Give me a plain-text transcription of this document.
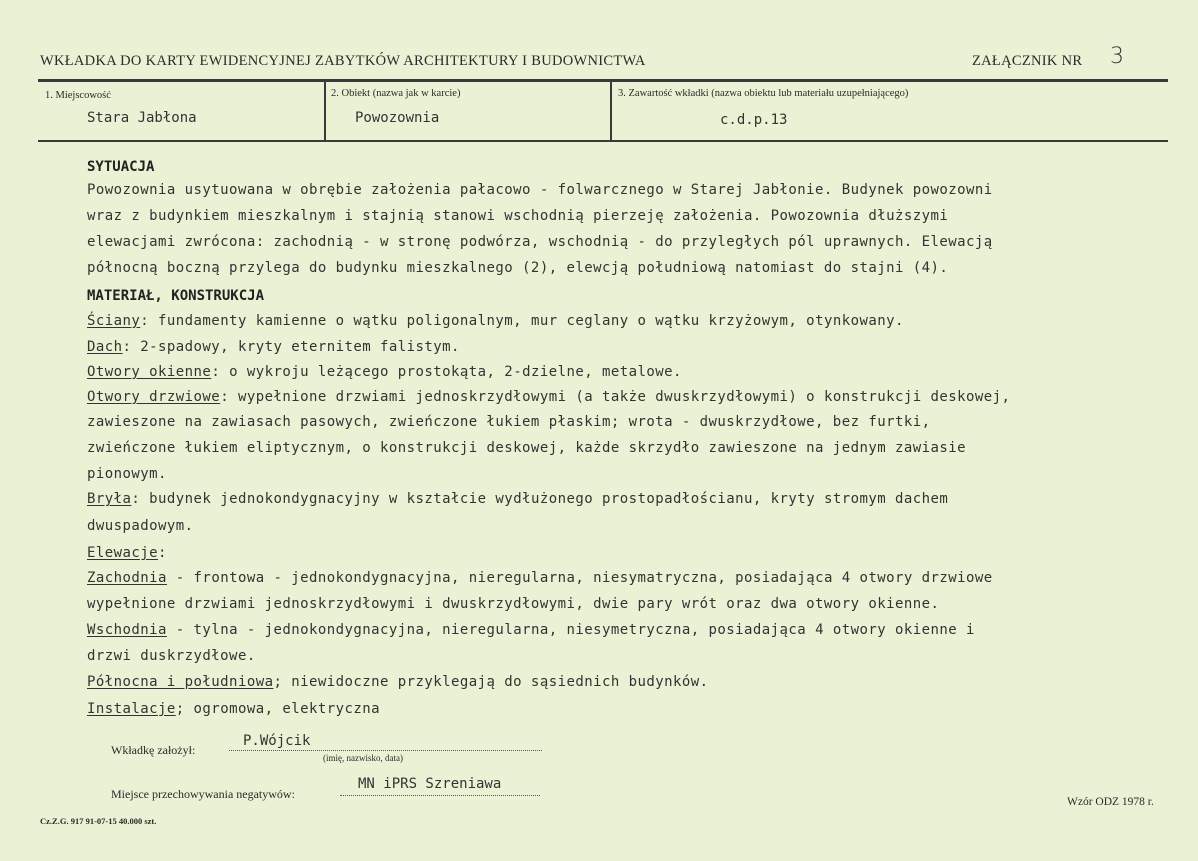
WKŁADKA DO KARTY EWIDENCYJNEJ ZABYTKÓW ARCHITEKTURY I BUDOWNICTWA	ZAŁĄCZNIK NR 3
1. Miejscowość
Stara Jabłona
2. Obiekt (nazwa jak w karcie)
Powozownia
3. Zawartość wkładki (nazwa obiektu lub materiału uzupełniającego)
c.d.p.13
SYTUACJA
Powozownia usytuowana w obrębie założenia pałacowo - folwarcznego w Starej Jabłonie. Budynek powozowni
wraz z budynkiem mieszkalnym i stajnią stanowi wschodnią pierzeję założenia. Powozownia dłuższymi
elewacjami zwrócona: zachodnią - w stronę podwórza, wschodnią - do przyległych pól uprawnych. Elewacją
północną boczną przylega do budynku mieszkalnego (2), elewcją południową natomiast do stajni (4).
MATERIAŁ, KONSTRUKCJA
Ściany: fundamenty kamienne o wątku poligonalnym, mur ceglany o wątku krzyżowym, otynkowany.
Dach: 2-spadowy, kryty eternitem falistym.
Otwory okienne: o wykroju leżącego prostokąta, 2-dzielne, metalowe.
Otwory drzwiowe: wypełnione drzwiami jednoskrzydłowymi (a także dwuskrzydłowymi) o konstrukcji deskowej,
zawieszone na zawiasach pasowych, zwieńczone łukiem płaskim; wrota - dwuskrzydłowe, bez furtki,
zwieńczone łukiem eliptycznym, o konstrukcji deskowej, każde skrzydło zawieszone na jednym zawiasie
pionowym.
Bryła: budynek jednokondygnacyjny w kształcie wydłużonego prostopadłościanu, kryty stromym dachem
dwuspadowym.
Elewacje:
Zachodnia - frontowa - jednokondygnacyjna, nieregularna, niesymatryczna, posiadająca 4 otwory drzwiowe
wypełnione drzwiami jednoskrzydłowymi i dwuskrzydłowymi, dwie pary wrót oraz dwa otwory okienne.
Wschodnia - tylna - jednokondygnacyjna, nieregularna, niesymetryczna, posiadająca 4 otwory okienne i
drzwi duskrzydłowe.
Północna i południowa; niewidoczne przyklegają do sąsiednich budynków.
Instalacje; ogromowa, elektryczna
Wkładkę założył:
P.Wójcik
(imię, nazwisko, data)
Miejsce przechowywania negatywów:
MN iPRS Szreniawa
Wzór ODZ 1978 r.
Cz.Z.G. 917 91-07-15 40.000 szt.
